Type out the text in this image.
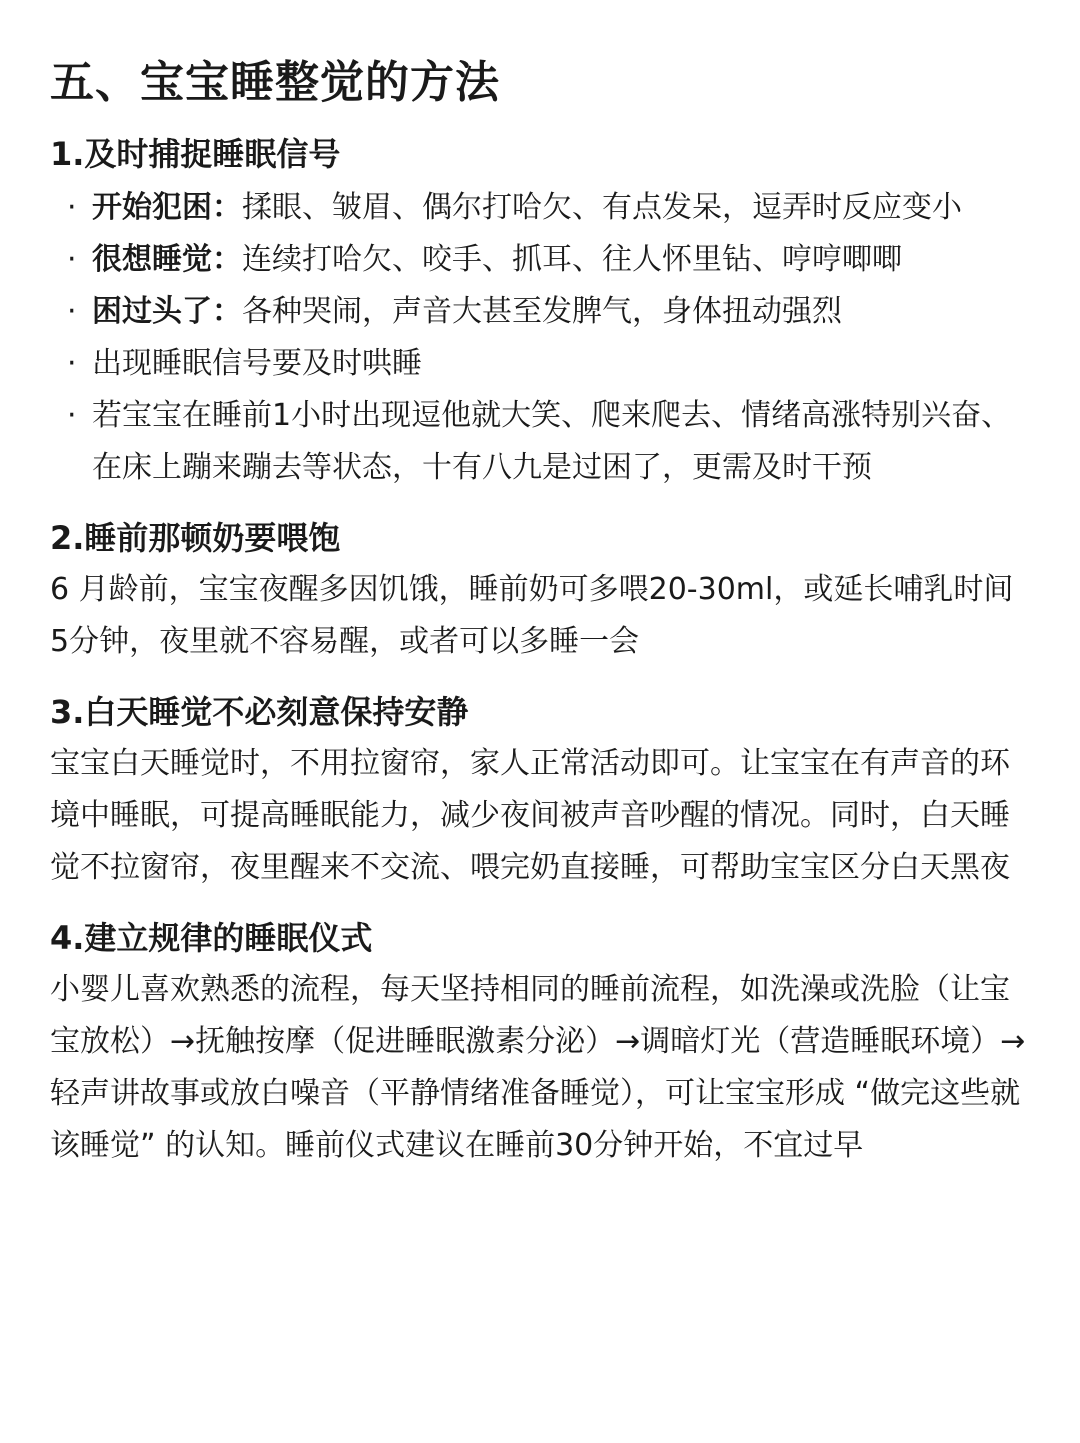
五、宝宝睡整觉的方法
1.及时捕捉睡眠信号
· 开始犯困：揉眼、皱眉、偶尔打哈欠、有点发呆，逗弄时反应变小
· 很想睡觉：连续打哈欠、咬手、抓耳、往人怀里钻、哼哼唧唧
· 困过头了：各种哭闹，声音大甚至发脾气，身体扭动强烈
· 出现睡眠信号要及时哄睡
· 若宝宝在睡前1小时出现逗他就大笑、爬来爬去、情绪高涨特别兴奋、在床上蹦来蹦去等状态，十有八九是过困了，更需及时干预
2.睡前那顿奶要喂饱

6 月龄前，宝宝夜醒多因饥饿，睡前奶可多喂20-30ml，或延长哺乳时间5分钟，夜里就不容易醒，或者可以多睡一会

3.白天睡觉不必刻意保持安静

宝宝白天睡觉时，不用拉窗帘，家人正常活动即可。让宝宝在有声音的环境中睡眠，可提高睡眠能力，减少夜间被声音吵醒的情况。同时，白天睡觉不拉窗帘，夜里醒来不交流、喂完奶直接睡，可帮助宝宝区分白天黑夜

4.建立规律的睡眠仪式

小婴儿喜欢熟悉的流程，每天坚持相同的睡前流程，如洗澡或洗脸（让宝宝放松）→抚触按摩（促进睡眠激素分泌）→调暗灯光（营造睡眠环境）→轻声讲故事或放白噪音（平静情绪准备睡觉），可让宝宝形成 “做完这些就该睡觉” 的认知。睡前仪式建议在睡前30分钟开始，不宜过早
